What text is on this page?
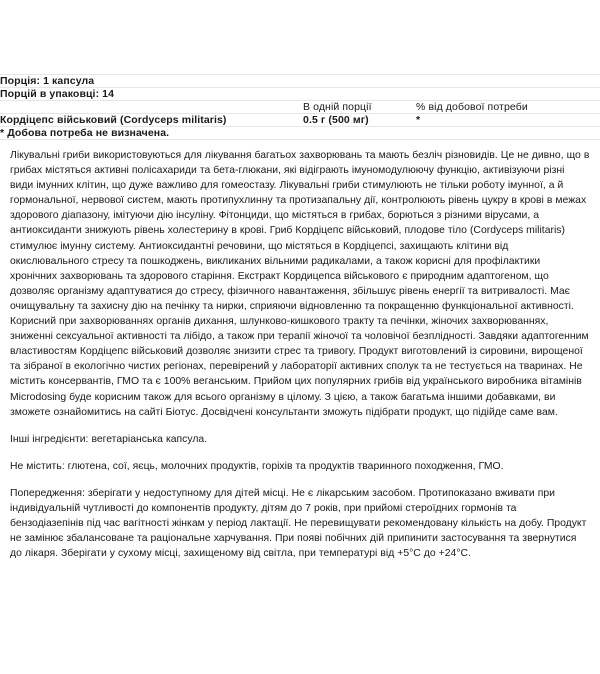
Порція: 1 капсула		
Порцій в упаковці: 14		
	В одній порції	% від добової потреби
Кордіцепс військовий (Cordyceps militaris)	0.5 г (500 мг)	*
* Добова потреба не визначена.		

Лікувальні гриби використовуються для лікування багатьох захворювань та мають безліч різновидів. Це не дивно, що в грибах містяться активні полісахариди та бета-глюкани, які відіграють імуномодулюючу функцію, активізуючи різні види імунних клітин, що дуже важливо для гомеостазу. Лікувальні гриби стимулюють не тільки роботу імунної, а й гормональної, нервової систем, мають протипухлинну та протизапальну дії, контролюють рівень цукру в крові в межах здорового діапазону, імітуючи дію інсуліну. Фітонциди, що містяться в грибах, борються з різними вірусами, а антиоксиданти знижують рівень холестерину в крові. Гриб Кордіцепс військовий, плодове тіло (Cordyceps militaris) стимулює імунну систему. Антиоксидантні речовини, що містяться в Кордіцепсі, захищають клітини від окислювального стресу та пошкоджень, викликаних вільними радикалами, а також корисні для профілактики хронічних захворювань та здорового старіння. Екстракт Кордицепса військового є природним адаптогеном, що дозволяє організму адаптуватися до стресу, фізичного навантаження, збільшує рівень енергії та витривалості. Має очищувальну та захисну дію на печінку та нирки, сприяючи відновленню та покращенню функціональної активності. Корисний при захворюваннях органів дихання, шлунково-кишкового тракту та печінки, жіночих захворюваннях, зниженні сексуальної активності та лібідо, а також при терапії жіночої та чоловічої безплідності. Завдяки адаптогенним властивостям Кордіцепс військовий дозволяє знизити стрес та тривогу. Продукт виготовлений із сировини, вирощеної та зібраної в екологічно чистих регіонах, перевірений у лабораторії активних сполук та не тестується на тваринах. Не містить консервантів, ГМО та є 100% веганським. Прийом цих популярних грибів від українського виробника вітамінів Microdosing буде корисним також для всього організму в цілому. З цією, а також багатьма іншими добавками, ви зможете ознайомитись на сайті Біотус. Досвідчені консультанти зможуть підібрати продукт, що підійде саме вам.

Інші інгредієнти: вегетаріанська капсула.

Не містить: глютена, сої, яєць, молочних продуктів, горіхів та продуктів тваринного походження, ГМО.

Попередження: зберігати у недоступному для дітей місці. Не є лікарським засобом. Протипоказано вживати при індивідуальній чутливості до компонентів продукту, дітям до 7 років, при прийомі стероїдних гормонів та бензодіазепінів під час вагітності жінкам у період лактації. Не перевищувати рекомендовану кількість на добу. Продукт не замінює збалансоване та раціональне харчування. При появі побічних дій припинити застосування та звернутися до лікаря. Зберігати у сухому місці, захищеному від світла, при температурі від +5°C до +24°C.
